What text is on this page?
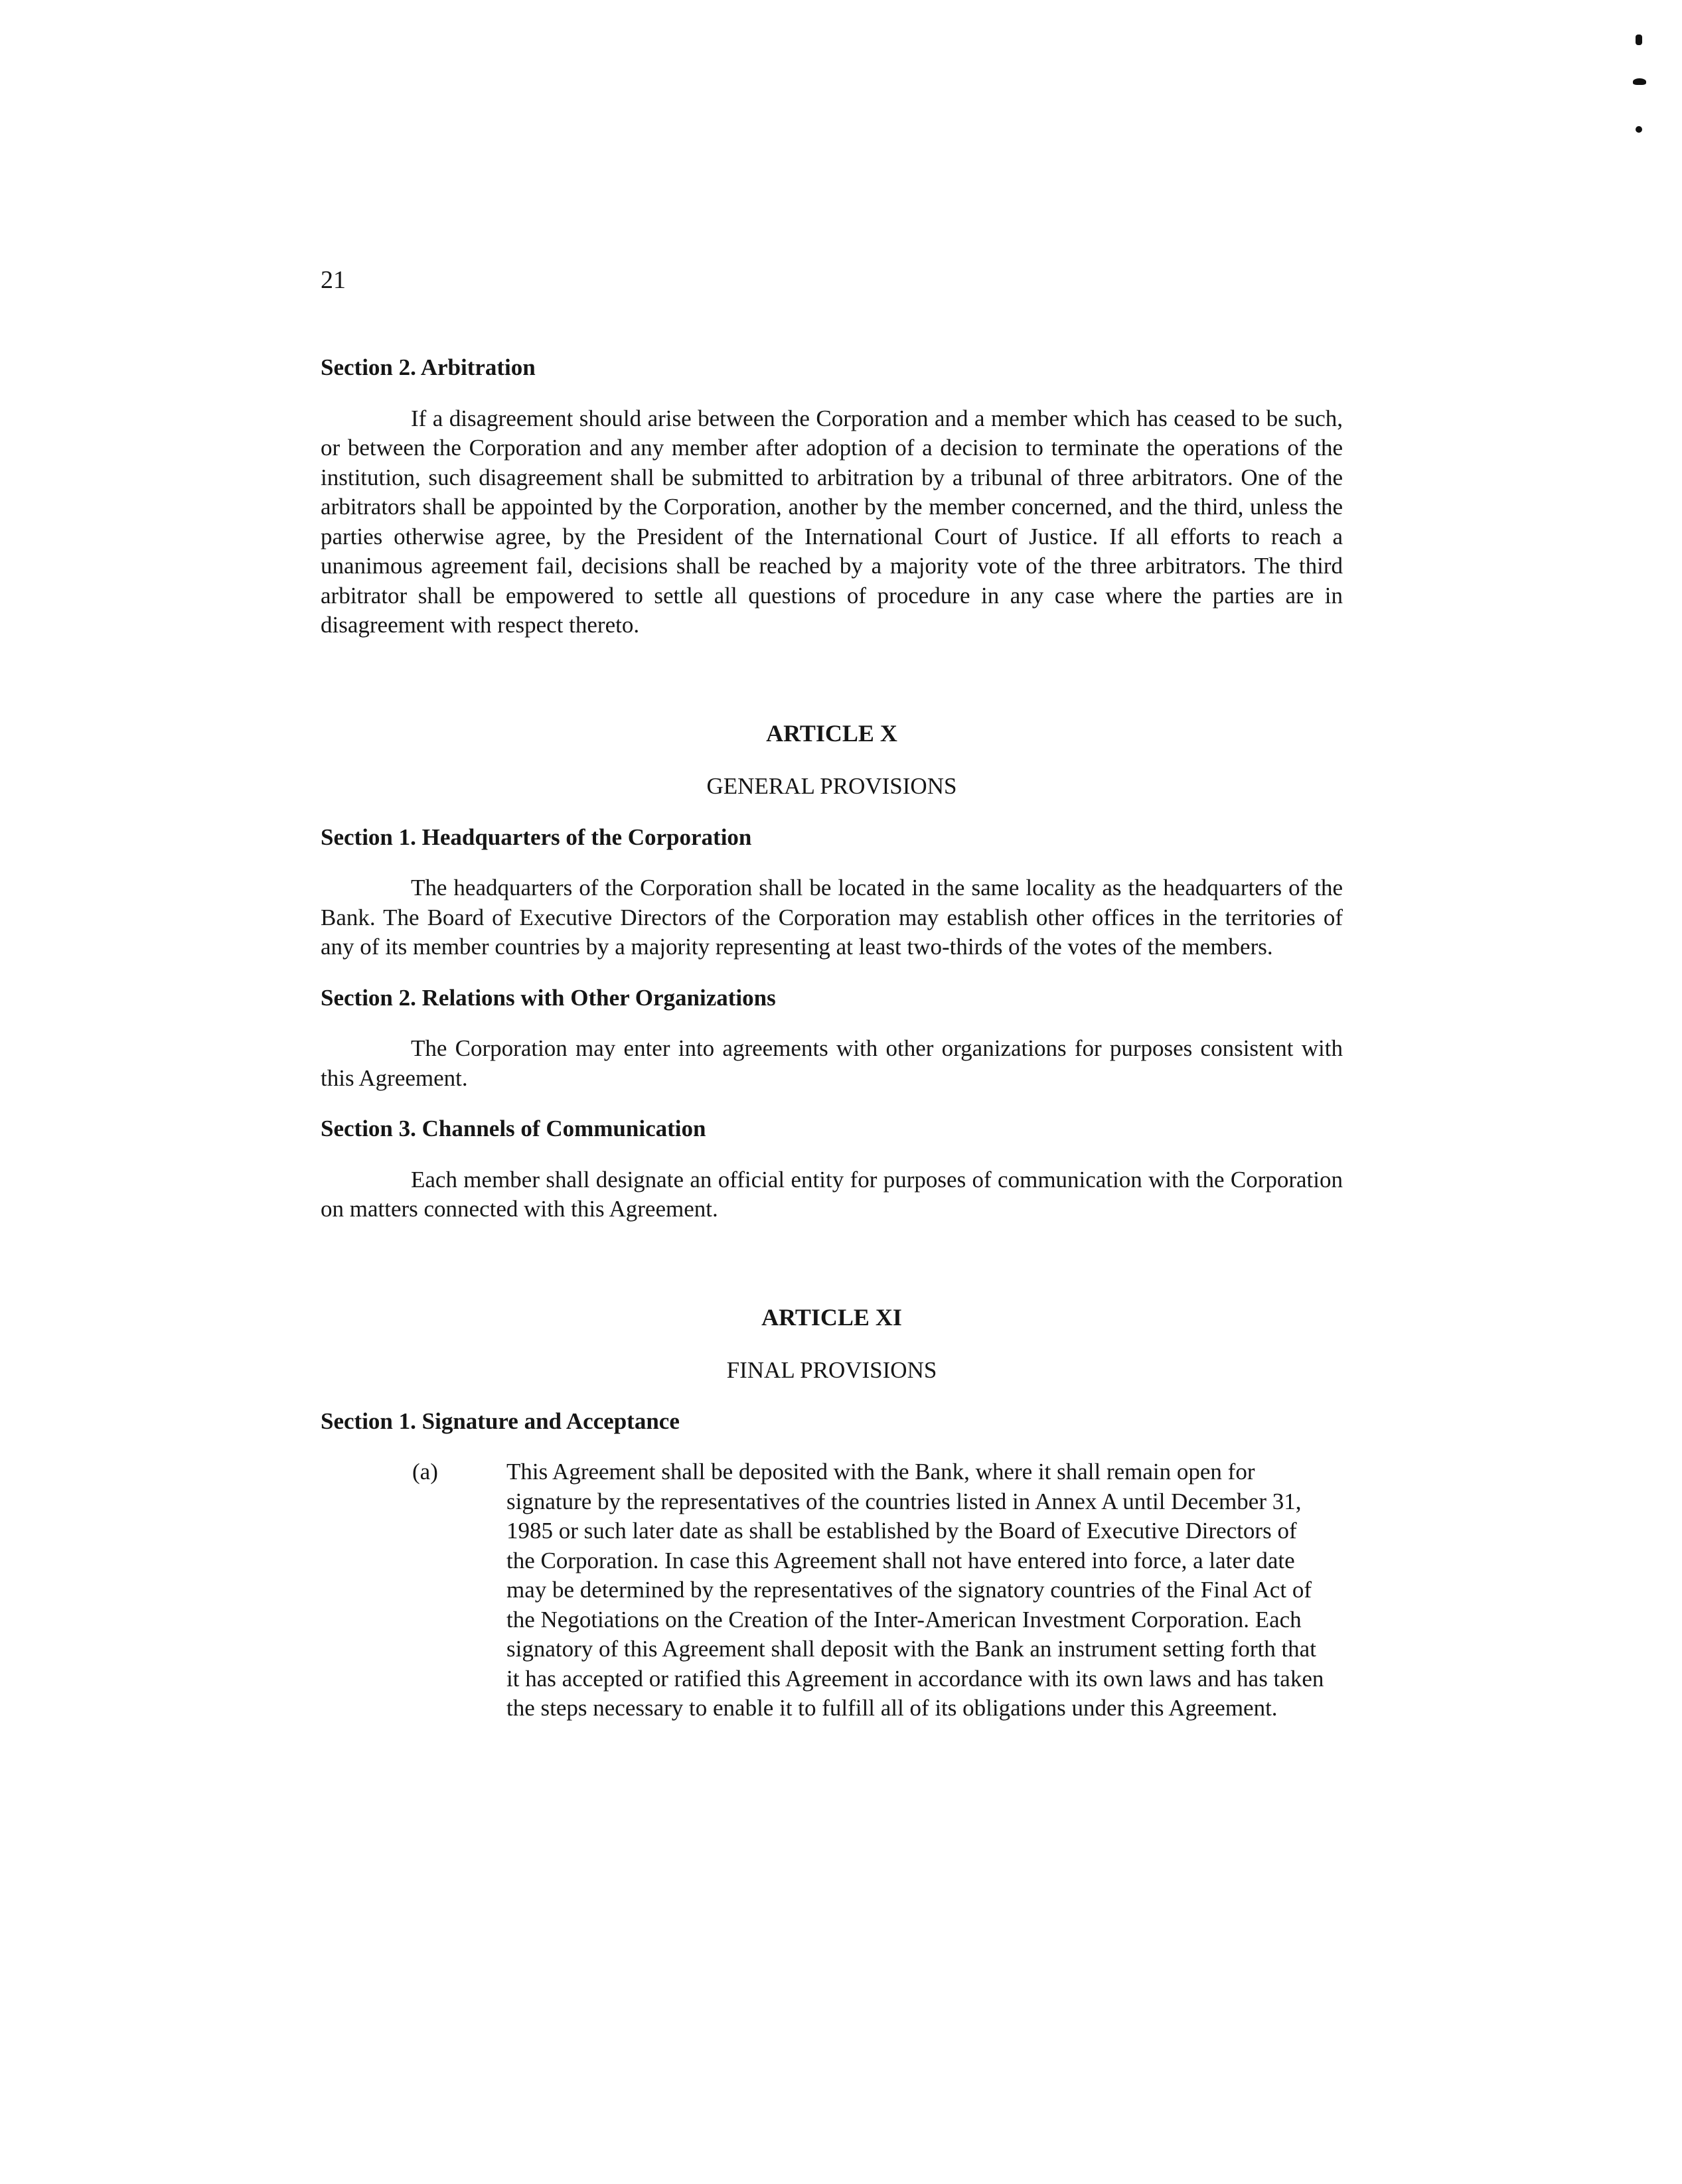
21

Section 2. Arbitration

If a disagreement should arise between the Corporation and a member which has ceased to be such, or between the Corporation and any member after adoption of a decision to terminate the operations of the institution, such disagreement shall be submitted to arbitration by a tribunal of three arbitrators. One of the arbitrators shall be appointed by the Corporation, another by the member concerned, and the third, unless the parties otherwise agree, by the President of the International Court of Justice. If all efforts to reach a unanimous agreement fail, decisions shall be reached by a majority vote of the three arbitrators. The third arbitrator shall be empowered to settle all questions of procedure in any case where the parties are in disagreement with respect thereto.

ARTICLE X

GENERAL PROVISIONS

Section 1. Headquarters of the Corporation

The headquarters of the Corporation shall be located in the same locality as the headquarters of the Bank. The Board of Executive Directors of the Corporation may establish other offices in the territories of any of its member countries by a majority representing at least two-thirds of the votes of the members.

Section 2. Relations with Other Organizations

The Corporation may enter into agreements with other organizations for purposes consistent with this Agreement.

Section 3. Channels of Communication

Each member shall designate an official entity for purposes of communication with the Corporation on matters connected with this Agreement.

ARTICLE XI

FINAL PROVISIONS

Section 1. Signature and Acceptance

(a)	This Agreement shall be deposited with the Bank, where it shall remain open for signature by the representatives of the countries listed in Annex A until December 31, 1985 or such later date as shall be established by the Board of Executive Directors of the Corporation. In case this Agreement shall not have entered into force, a later date may be determined by the representatives of the signatory countries of the Final Act of the Negotiations on the Creation of the Inter-American Investment Corporation. Each signatory of this Agreement shall deposit with the Bank an instrument setting forth that it has accepted or ratified this Agreement in accordance with its own laws and has taken the steps necessary to enable it to fulfill all of its obligations under this Agreement.
